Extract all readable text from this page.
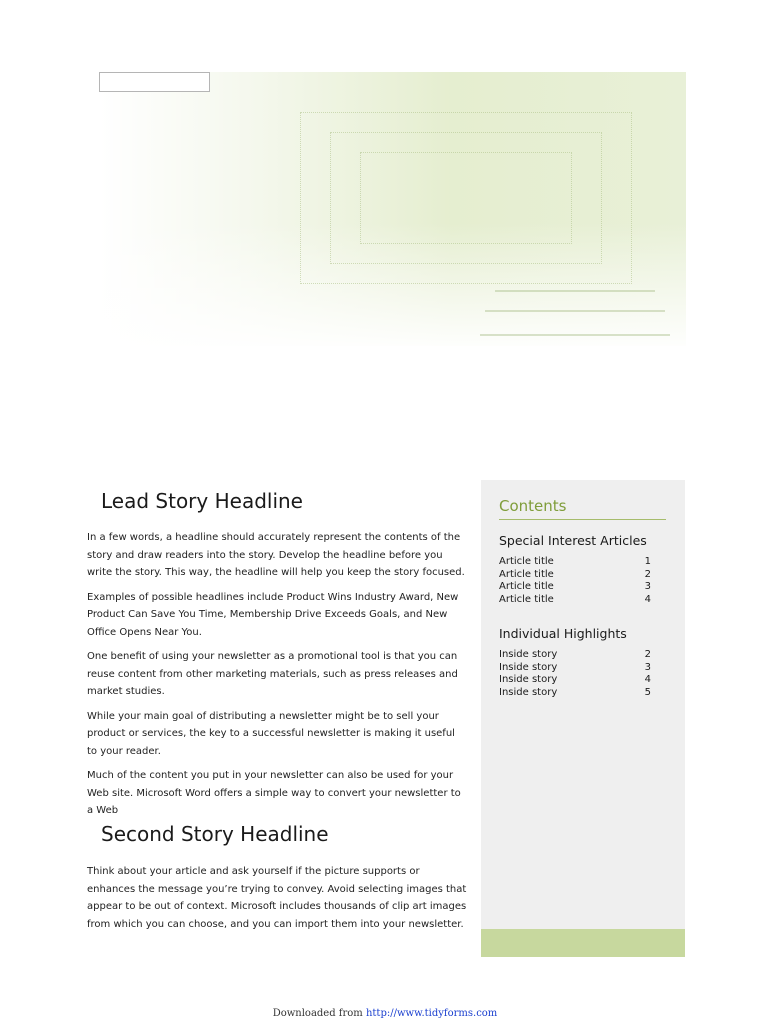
Lead Story Headline

In a few words, a headline should accurately represent the contents of the story and draw readers into the story. Develop the headline before you write the story. This way, the headline will help you keep the story focused.

Examples of possible headlines include Product Wins Industry Award, New Product Can Save You Time, Membership Drive Exceeds Goals, and New Office Opens Near You.

One benefit of using your newsletter as a promotional tool is that you can reuse content from other marketing materials, such as press releases and market studies.

While your main goal of distributing a newsletter might be to sell your product or services, the key to a successful newsletter is making it useful to your reader.

Much of the content you put in your newsletter can also be used for your Web site. Microsoft Word offers a simple way to convert your newsletter to a Web

Second Story Headline

Think about your article and ask yourself if the picture supports or enhances the message you’re trying to convey. Avoid selecting images that appear to be out of context. Microsoft includes thousands of clip art images from which you can choose, and you can import them into your newsletter.

Contents
Special Interest Articles
Article title	1
Article title	2
Article title	3
Article title	4
Individual Highlights
Inside story	2
Inside story	3
Inside story	4
Inside story	5
Downloaded from http://www.tidyforms.com
